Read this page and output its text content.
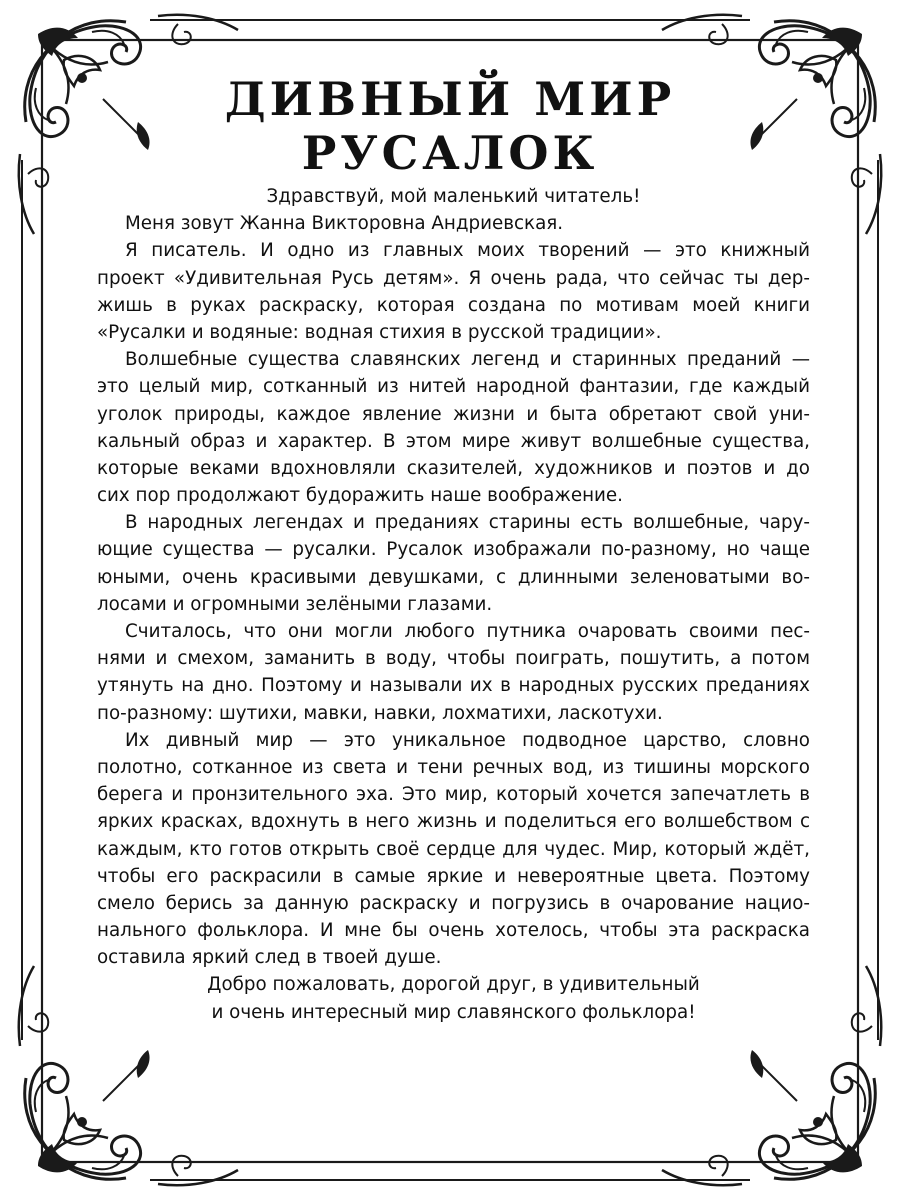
ДИВНЫЙ МИР РУСАЛОК
Здравствуй, мой маленький читатель!
Меня зовут Жанна Викторовна Андриевская.
Я писатель. И одно из главных моих творений — это книжный
проект «Удивительная Русь детям». Я очень рада, что сейчас ты дер-
жишь в руках раскраску, которая создана по мотивам моей книги
«Русалки и водяные: водная стихия в русской традиции».
Волшебные существа славянских легенд и старинных преданий —
это целый мир, сотканный из нитей народной фантазии, где каждый
уголок природы, каждое явление жизни и быта обретают свой уни-
кальный образ и характер. В этом мире живут волшебные существа,
которые веками вдохновляли сказителей, художников и поэтов и до
сих пор продолжают будоражить наше воображение.
В народных легендах и преданиях старины есть волшебные, чару-
ющие существа — русалки. Русалок изображали по-разному, но чаще
юными, очень красивыми девушками, с длинными зеленоватыми во-
лосами и огромными зелёными глазами.
Считалось, что они могли любого путника очаровать своими пес-
нями и смехом, заманить в воду, чтобы поиграть, пошутить, а потом
утянуть на дно. Поэтому и называли их в народных русских преданиях
по-разному: шутихи, мавки, навки, лохматихи, ласкотухи.
Их дивный мир — это уникальное подводное царство, словно
полотно, сотканное из света и тени речных вод, из тишины морского
берега и пронзительного эха. Это мир, который хочется запечатлеть в
ярких красках, вдохнуть в него жизнь и поделиться его волшебством с
каждым, кто готов открыть своё сердце для чудес. Мир, который ждёт,
чтобы его раскрасили в самые яркие и невероятные цвета. Поэтому
смело берись за данную раскраску и погрузись в очарование нацио-
нального фольклора. И мне бы очень хотелось, чтобы эта раскраска
оставила яркий след в твоей душе.
Добро пожаловать, дорогой друг, в удивительный
и очень интересный мир славянского фольклора!
